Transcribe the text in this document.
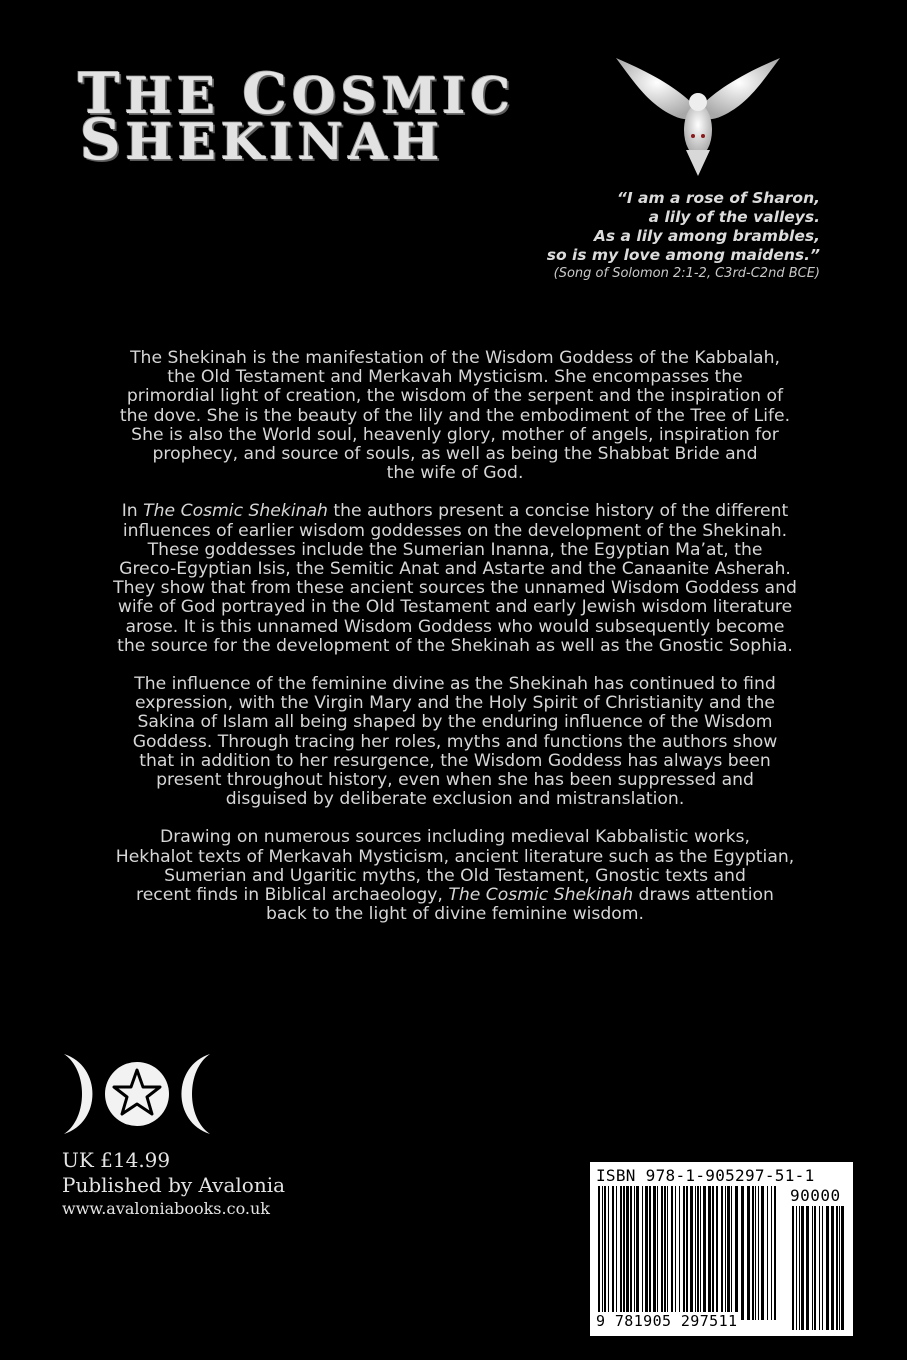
THE COSMIC
SHEKINAH
“I am a rose of Sharon,
a lily of the valleys.
As a lily among brambles,
so is my love among maidens.”
(Song of Solomon 2:1-2, C3rd-C2nd BCE)

The Shekinah is the manifestation of the Wisdom Goddess of the Kabbalah,
the Old Testament and Merkavah Mysticism. She encompasses the
primordial light of creation, the wisdom of the serpent and the inspiration of
the dove. She is the beauty of the lily and the embodiment of the Tree of Life.
She is also the World soul, heavenly glory, mother of angels, inspiration for
prophecy, and source of souls, as well as being the Shabbat Bride and
the wife of God.

In The Cosmic Shekinah the authors present a concise history of the different
influences of earlier wisdom goddesses on the development of the Shekinah.
These goddesses include the Sumerian Inanna, the Egyptian Ma’at, the
Greco-Egyptian Isis, the Semitic Anat and Astarte and the Canaanite Asherah.
They show that from these ancient sources the unnamed Wisdom Goddess and
wife of God portrayed in the Old Testament and early Jewish wisdom literature
arose. It is this unnamed Wisdom Goddess who would subsequently become
the source for the development of the Shekinah as well as the Gnostic Sophia.

The influence of the feminine divine as the Shekinah has continued to find
expression, with the Virgin Mary and the Holy Spirit of Christianity and the
Sakina of Islam all being shaped by the enduring influence of the Wisdom
Goddess. Through tracing her roles, myths and functions the authors show
that in addition to her resurgence, the Wisdom Goddess has always been
present throughout history, even when she has been suppressed and
disguised by deliberate exclusion and mistranslation.

Drawing on numerous sources including medieval Kabbalistic works,
Hekhalot texts of Merkavah Mysticism, ancient literature such as the Egyptian,
Sumerian and Ugaritic myths, the Old Testament, Gnostic texts and
recent finds in Biblical archaeology, The Cosmic Shekinah draws attention
back to the light of divine feminine wisdom.

UK £14.99
Published by Avalonia
www.avaloniabooks.co.uk
ISBN 978-1-905297-51-1
90000
9 781905 297511
